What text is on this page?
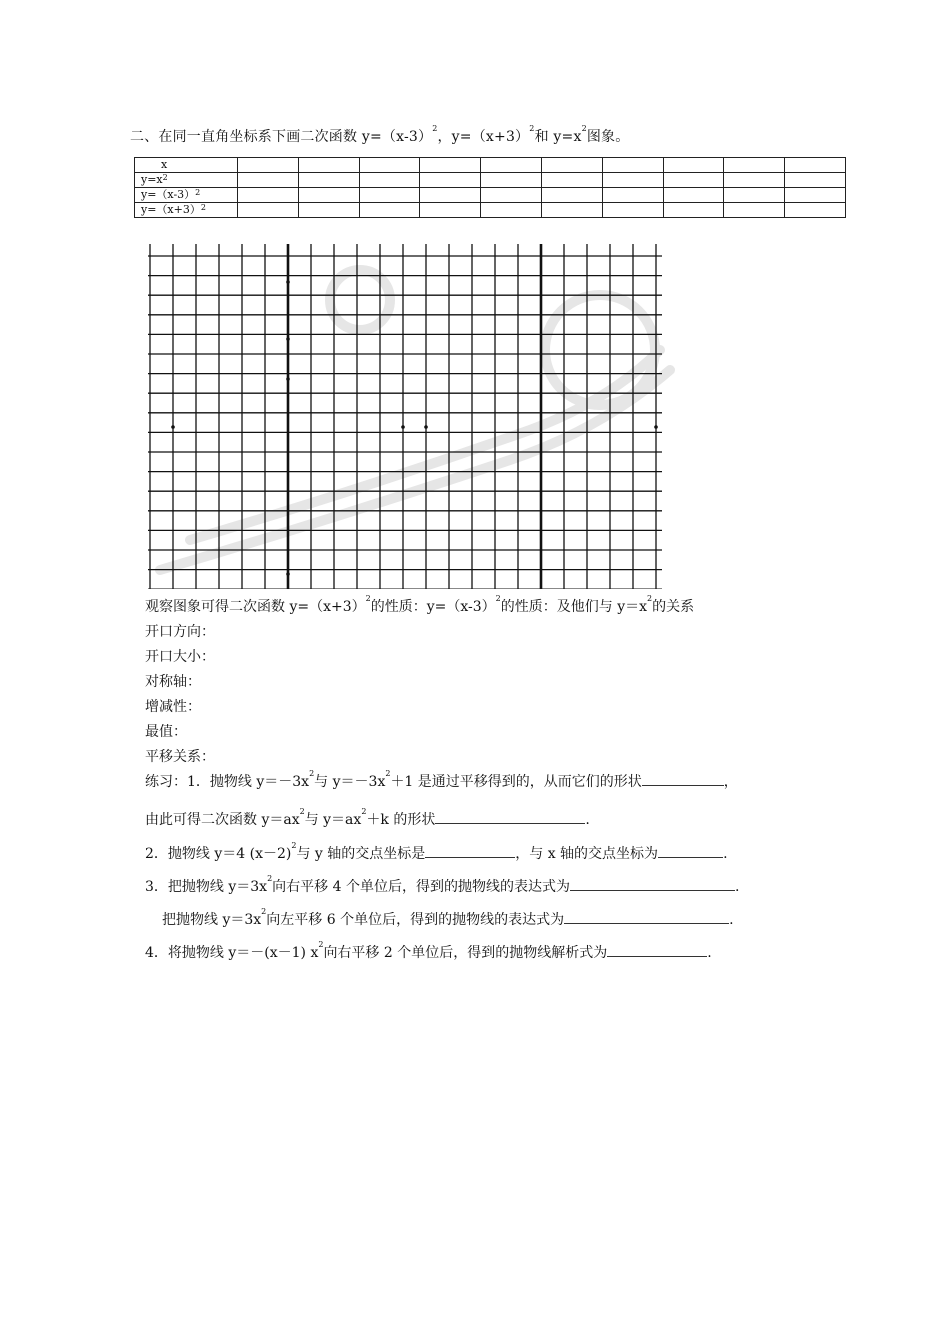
二、在同一直角坐标系下画二次函数 $y=(x-3)^2$，$y=(x+3)^2$和 $y=x^2$图象。
x										
$y=x^2$										
$y=(x-3)^2$										
$y=(x+3)^2$										
观察图象可得二次函数 $y=(x+3)^2$的性质：$y=(x-3)^2$的性质：及他们与 $y=x^2$的关系
开口方向：
开口大小：
对称轴：
增减性：
最值：
平移关系：
练习：1．抛物线 $y=-3x^2$与 $y=-3x^2+1$ 是通过平移得到的，从而它们的形状	，
由此可得二次函数 $y=ax^2$与 $y=ax^2+k$ 的形状	.
2．抛物线 y＝4 $(x-2)^2$与 y 轴的交点坐标是	，与 x 轴的交点坐标为	.
3．把抛物线 $y=3x^2$向右平移 4 个单位后，得到的抛物线的表达式为	.
把抛物线 $y=3x^2$向左平移 6 个单位后，得到的抛物线的表达式为	.
4．将抛物线 y＝－(x－1) $x^2$向右平移 2 个单位后，得到的抛物线解析式为	.
